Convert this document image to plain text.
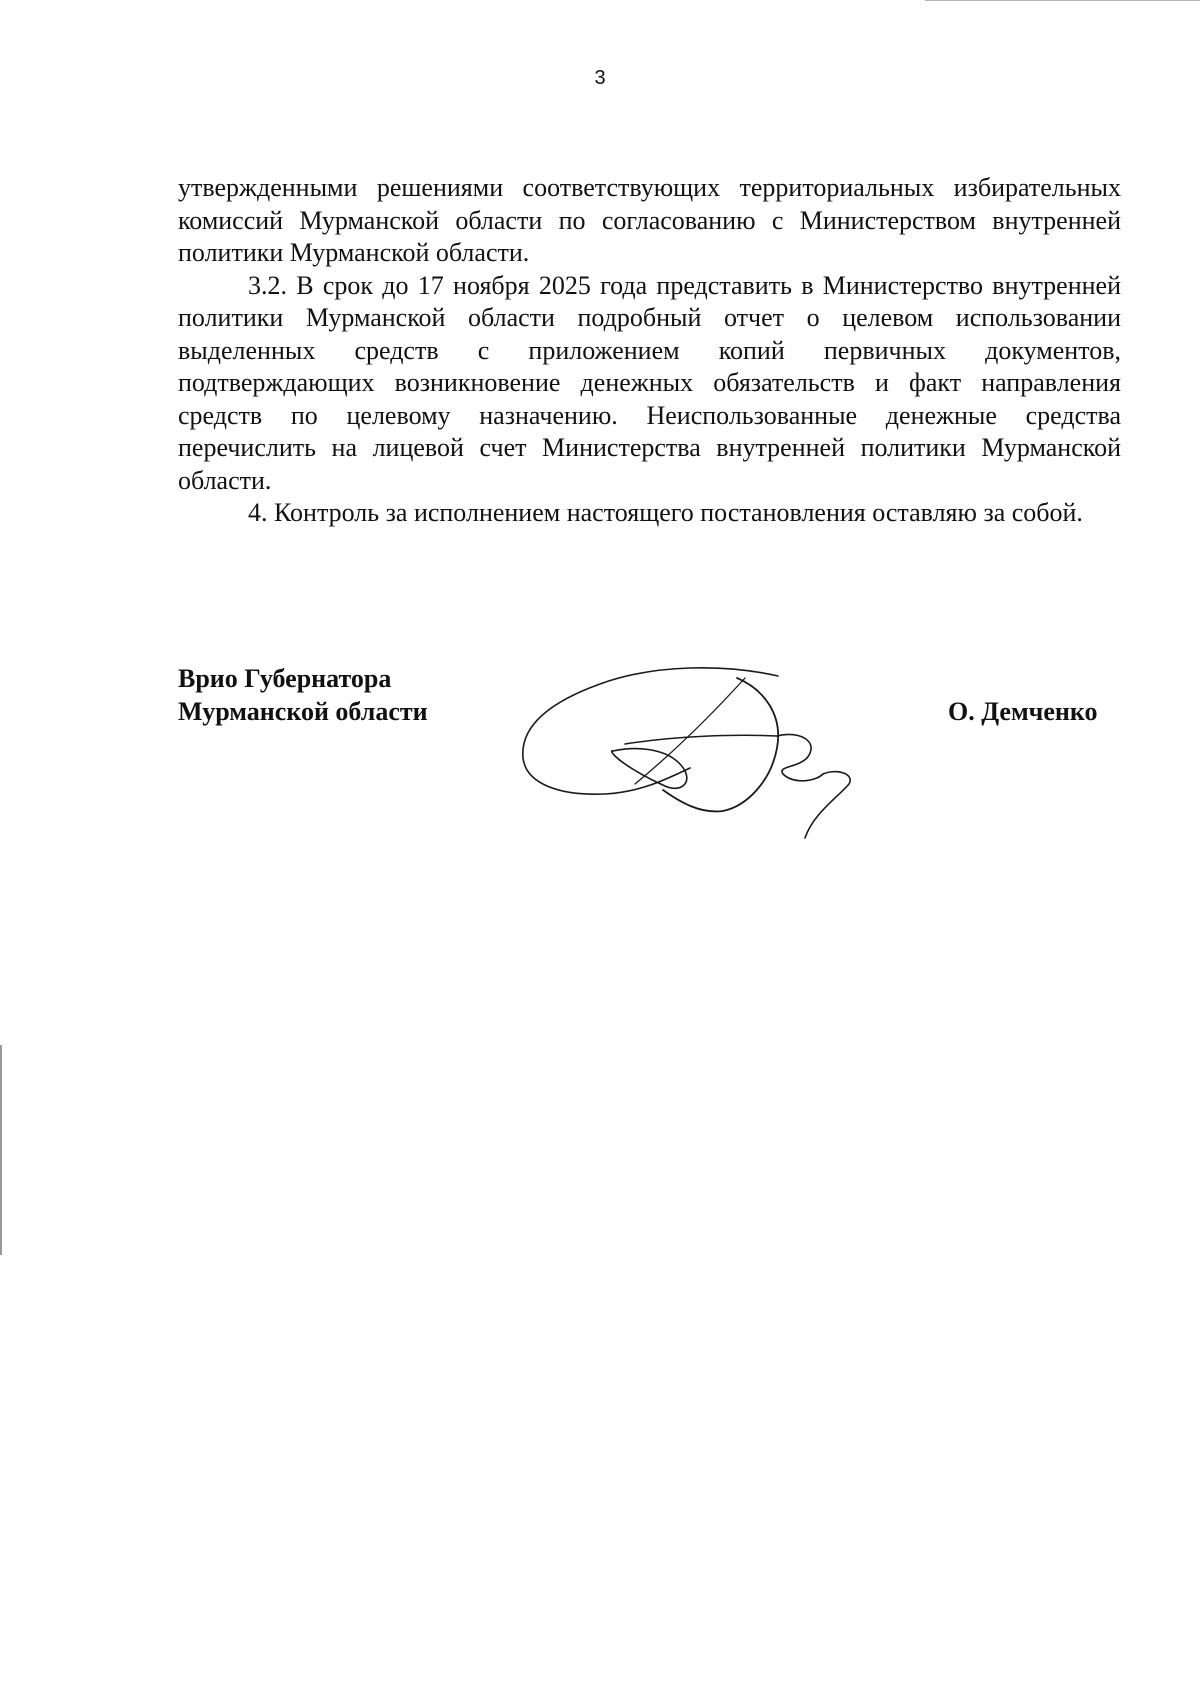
3

утвержденными решениями соответствующих территориальных избирательных комиссий Мурманской области по согласованию с Министерством внутренней политики Мурманской области.

3.2. В срок до 17 ноября 2025 года представить в Министерство внутренней политики Мурманской области подробный отчет о целевом использовании выделенных средств с приложением копий первичных документов, подтверждающих возникновение денежных обязательств и факт направления средств по целевому назначению. Неиспользованные денежные средства перечислить на лицевой счет Министерства внутренней политики Мурманской области.

4. Контроль за исполнением настоящего постановления оставляю за собой.

Врио Губернатора
Мурманской области	О. Демченко
